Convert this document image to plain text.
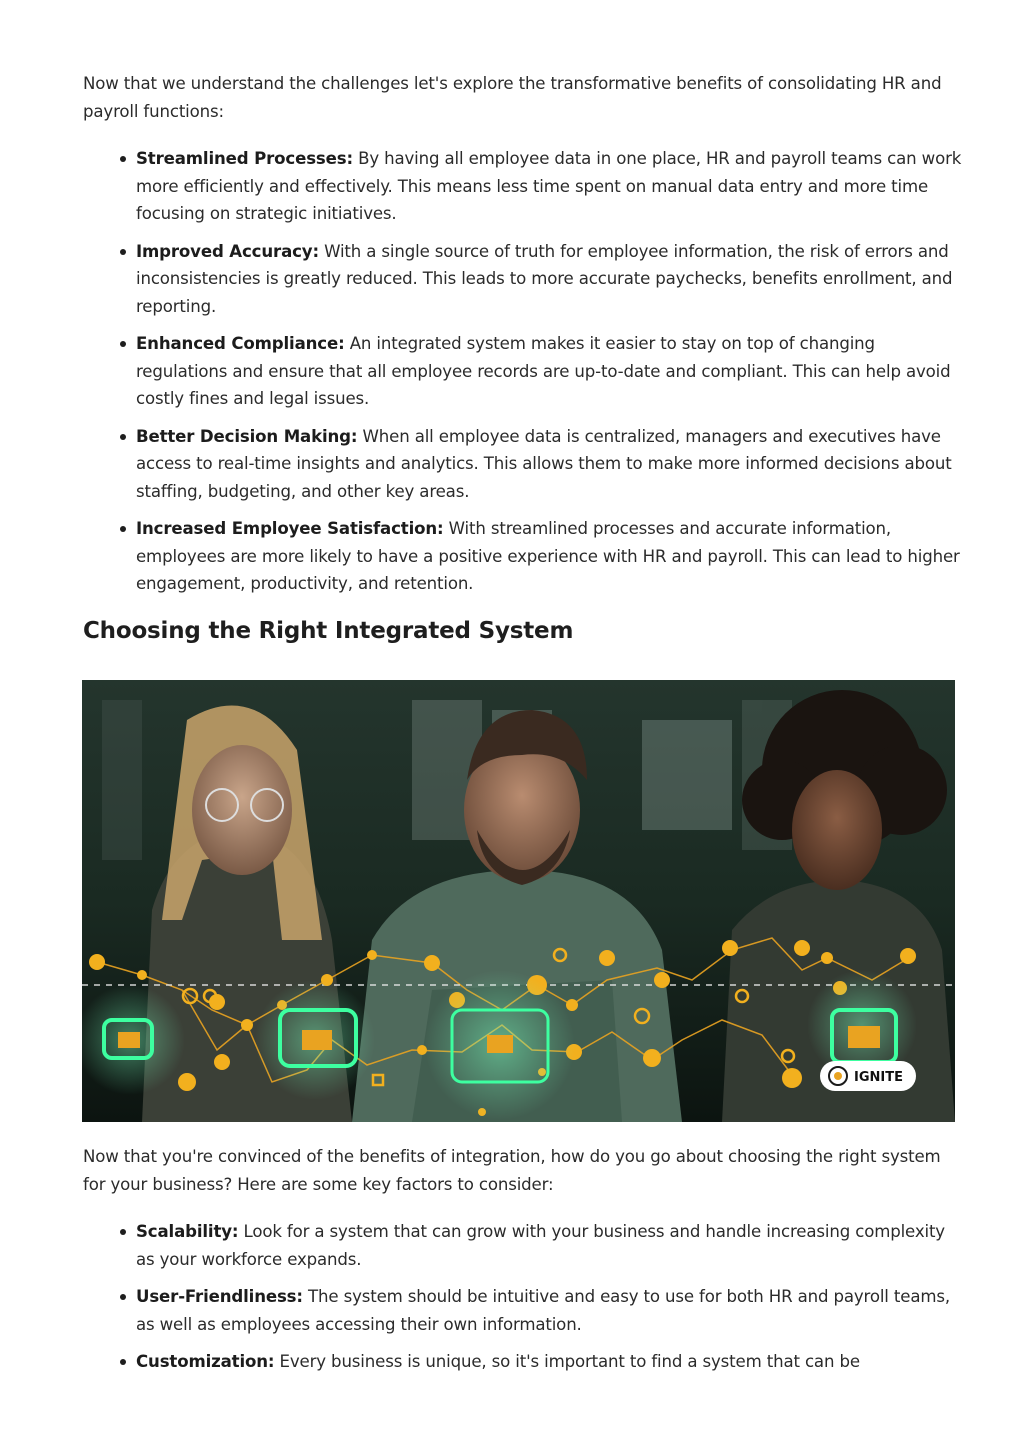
Now that we understand the challenges let's explore the transformative benefits of consolidating HR and payroll functions:

Streamlined Processes: By having all employee data in one place, HR and payroll teams can work more efficiently and effectively. This means less time spent on manual data entry and more time focusing on strategic initiatives.
Improved Accuracy: With a single source of truth for employee information, the risk of errors and inconsistencies is greatly reduced. This leads to more accurate paychecks, benefits enrollment, and reporting.
Enhanced Compliance: An integrated system makes it easier to stay on top of changing regulations and ensure that all employee records are up-to-date and compliant. This can help avoid costly fines and legal issues.
Better Decision Making: When all employee data is centralized, managers and executives have access to real-time insights and analytics. This allows them to make more informed decisions about staffing, budgeting, and other key areas.
Increased Employee Satisfaction: With streamlined processes and accurate information, employees are more likely to have a positive experience with HR and payroll. This can lead to higher engagement, productivity, and retention.
Choosing the Right Integrated System
IGNITE

Now that you're convinced of the benefits of integration, how do you go about choosing the right system for your business? Here are some key factors to consider:

Scalability: Look for a system that can grow with your business and handle increasing complexity as your workforce expands.
User-Friendliness: The system should be intuitive and easy to use for both HR and payroll teams, as well as employees accessing their own information.
Customization: Every business is unique, so it's important to find a system that can be
